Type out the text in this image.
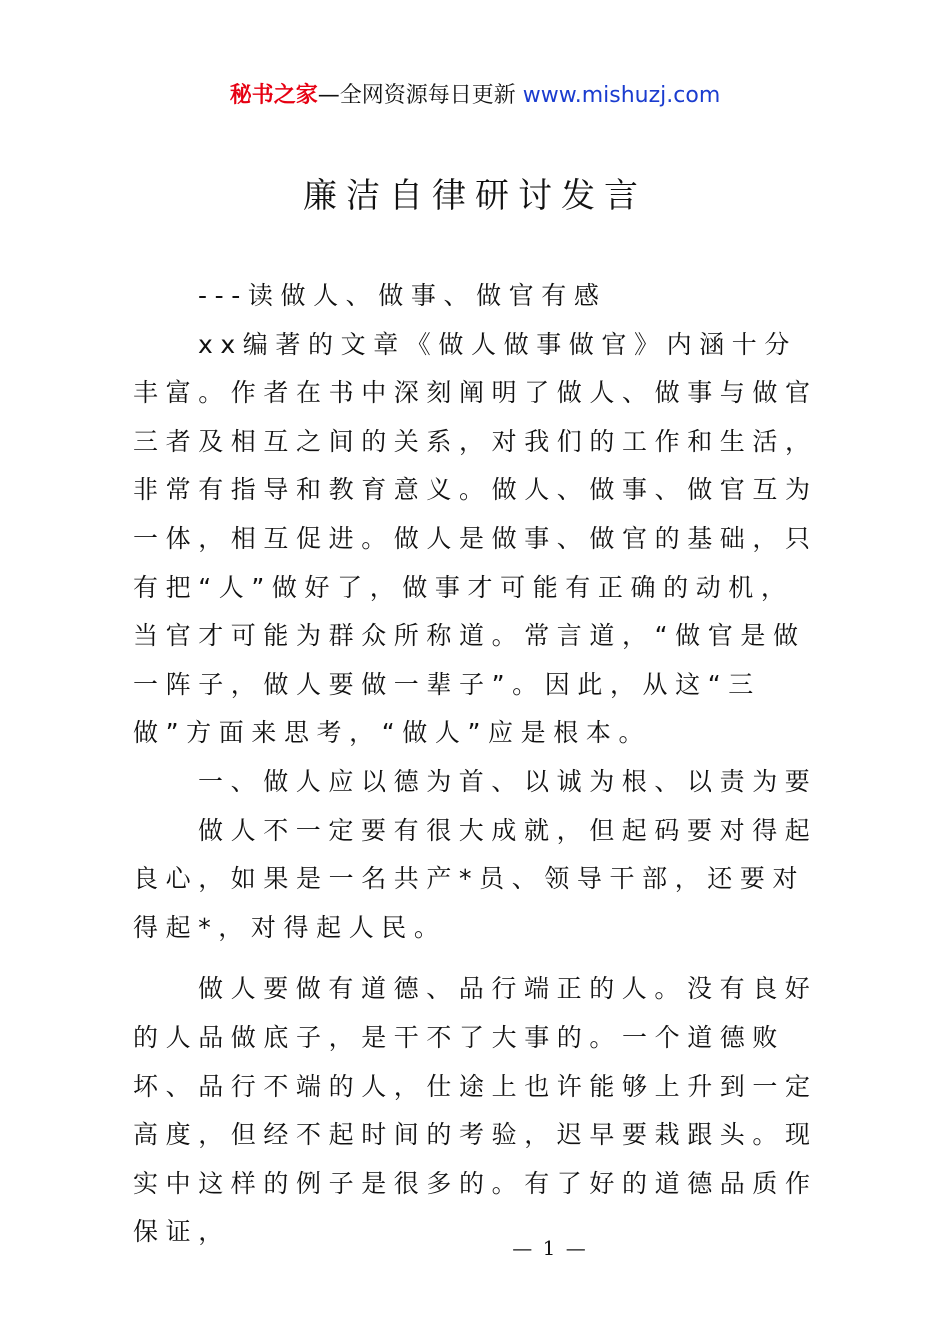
秘书之家—全网资源每日更新 www.mishuzj.com
廉洁自律研讨发言

---读做人、做事、做官有感

xx编著的文章《做人做事做官》内涵十分丰富。作者在书中深刻阐明了做人、做事与做官三者及相互之间的关系，对我们的工作和生活，非常有指导和教育意义。做人、做事、做官互为一体，相互促进。做人是做事、做官的基础，只有把“人”做好了，做事才可能有正确的动机，当官才可能为群众所称道。常言道，“做官是做一阵子，做人要做一辈子”。因此，从这“三做”方面来思考，“做人”应是根本。

一、做人应以德为首、以诚为根、以责为要

做人不一定要有很大成就，但起码要对得起良心，如果是一名共产*员、领导干部，还要对得起*，对得起人民。

做人要做有道德、品行端正的人。没有良好的人品做底子，是干不了大事的。一个道德败坏、品行不端的人，仕途上也许能够上升到一定高度，但经不起时间的考验，迟早要栽跟头。现实中这样的例子是很多的。有了好的道德品质作保证，

— 1 —
